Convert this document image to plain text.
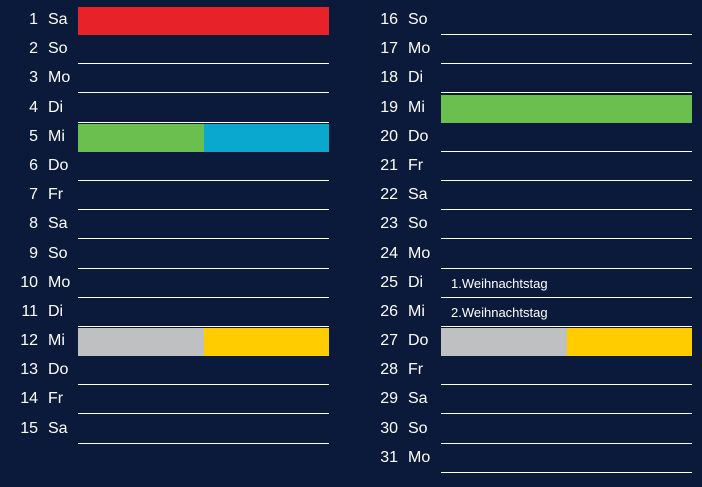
1 Sa
2 So
3 Mo
4 Di
5 Mi
6 Do
7 Fr
8 Sa
9 So
10 Mo
11 Di
12 Mi
13 Do
14 Fr
15 Sa
16 So
17 Mo
18 Di
19 Mi
20 Do
21 Fr
22 Sa
23 So
24 Mo
25 Di 1.Weihnachtstag
26 Mi 2.Weihnachtstag
27 Do
28 Fr
29 Sa
30 So
31 Mo
